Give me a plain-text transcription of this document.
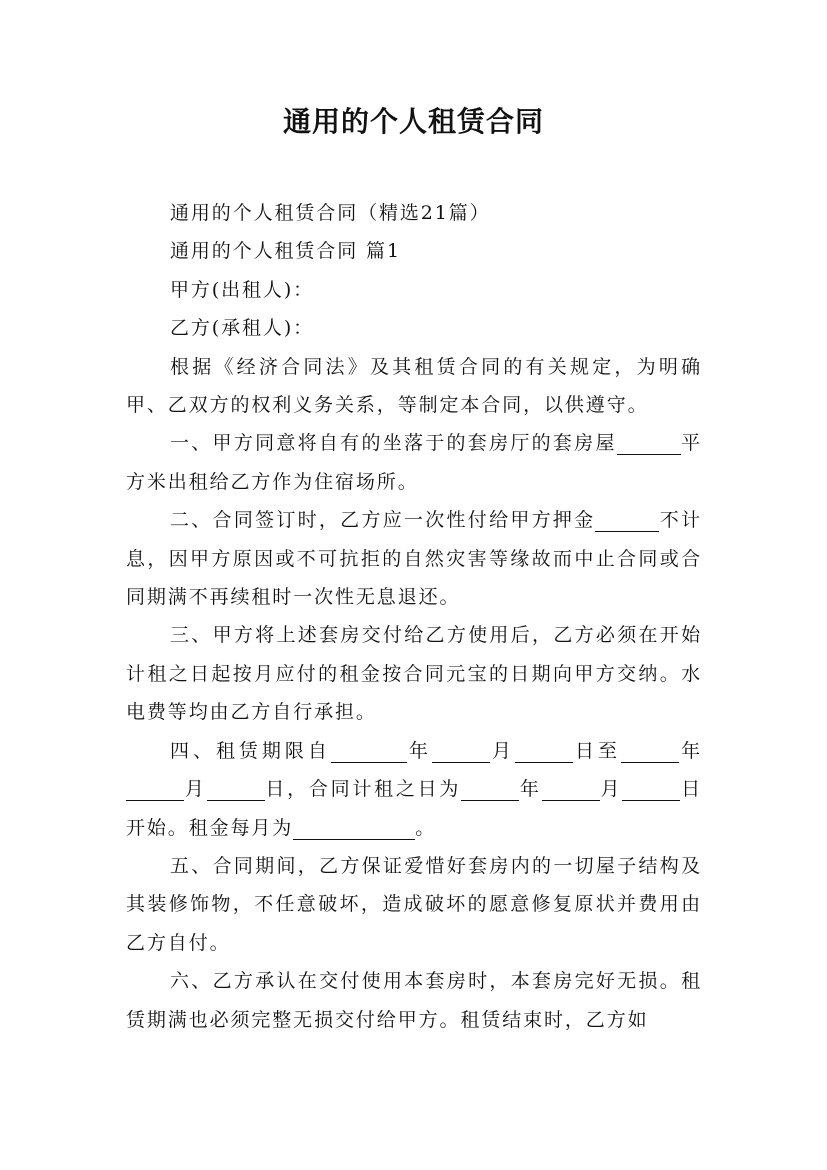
通用的个人租赁合同

通用的个人租赁合同（精选21篇）

通用的个人租赁合同 篇1

甲方(出租人)：

乙方(承租人)：

根据《经济合同法》及其租赁合同的有关规定，为明确甲、乙双方的权利义务关系，等制定本合同，以供遵守。

一、甲方同意将自有的坐落于的套房厅的套房屋	平方米出租给乙方作为住宿场所。

二、合同签订时，乙方应一次性付给甲方押金	不计息，因甲方原因或不可抗拒的自然灾害等缘故而中止合同或合同期满不再续租时一次性无息退还。

三、甲方将上述套房交付给乙方使用后，乙方必须在开始计租之日起按月应付的租金按合同元宝的日期向甲方交纳。水电费等均由乙方自行承担。

四、租赁期限自	年	月	日至	年月	日，合同计租之日为	年	月	日开始。租金每月为	。

五、合同期间，乙方保证爱惜好套房内的一切屋子结构及其装修饰物，不任意破坏，造成破坏的愿意修复原状并费用由乙方自付。

六、乙方承认在交付使用本套房时，本套房完好无损。租赁期满也必须完整无损交付给甲方。租赁结束时，乙方如
